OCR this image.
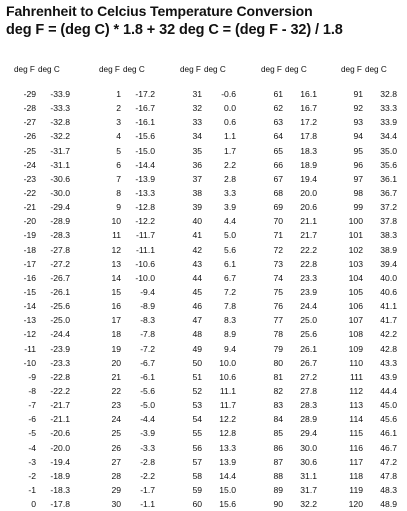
Fahrenheit to Celcius Temperature Conversion
deg F = (deg C) * 1.8 + 32 deg C = (deg F - 32) / 1.8
deg F deg C
-29	-33.9
-28	-33.3
-27	-32.8
-26	-32.2
-25	-31.7
-24	-31.1
-23	-30.6
-22	-30.0
-21	-29.4
-20	-28.9
-19	-28.3
-18	-27.8
-17	-27.2
-16	-26.7
-15	-26.1
-14	-25.6
-13	-25.0
-12	-24.4
-11	-23.9
-10	-23.3
-9	-22.8
-8	-22.2
-7	-21.7
-6	-21.1
-5	-20.6
-4	-20.0
-3	-19.4
-2	-18.9
-1	-18.3
0	-17.8
deg F deg C
1	-17.2
2	-16.7
3	-16.1
4	-15.6
5	-15.0
6	-14.4
7	-13.9
8	-13.3
9	-12.8
10	-12.2
11	-11.7
12	-11.1
13	-10.6
14	-10.0
15	-9.4
16	-8.9
17	-8.3
18	-7.8
19	-7.2
20	-6.7
21	-6.1
22	-5.6
23	-5.0
24	-4.4
25	-3.9
26	-3.3
27	-2.8
28	-2.2
29	-1.7
30	-1.1
deg F deg C
31	-0.6
32	0.0
33	0.6
34	1.1
35	1.7
36	2.2
37	2.8
38	3.3
39	3.9
40	4.4
41	5.0
42	5.6
43	6.1
44	6.7
45	7.2
46	7.8
47	8.3
48	8.9
49	9.4
50	10.0
51	10.6
52	11.1
53	11.7
54	12.2
55	12.8
56	13.3
57	13.9
58	14.4
59	15.0
60	15.6
deg F deg C
61	16.1
62	16.7
63	17.2
64	17.8
65	18.3
66	18.9
67	19.4
68	20.0
69	20.6
70	21.1
71	21.7
72	22.2
73	22.8
74	23.3
75	23.9
76	24.4
77	25.0
78	25.6
79	26.1
80	26.7
81	27.2
82	27.8
83	28.3
84	28.9
85	29.4
86	30.0
87	30.6
88	31.1
89	31.7
90	32.2
deg F deg C
91	32.8
92	33.3
93	33.9
94	34.4
95	35.0
96	35.6
97	36.1
98	36.7
99	37.2
100	37.8
101	38.3
102	38.9
103	39.4
104	40.0
105	40.6
106	41.1
107	41.7
108	42.2
109	42.8
110	43.3
111	43.9
112	44.4
113	45.0
114	45.6
115	46.1
116	46.7
117	47.2
118	47.8
119	48.3
120	48.9
